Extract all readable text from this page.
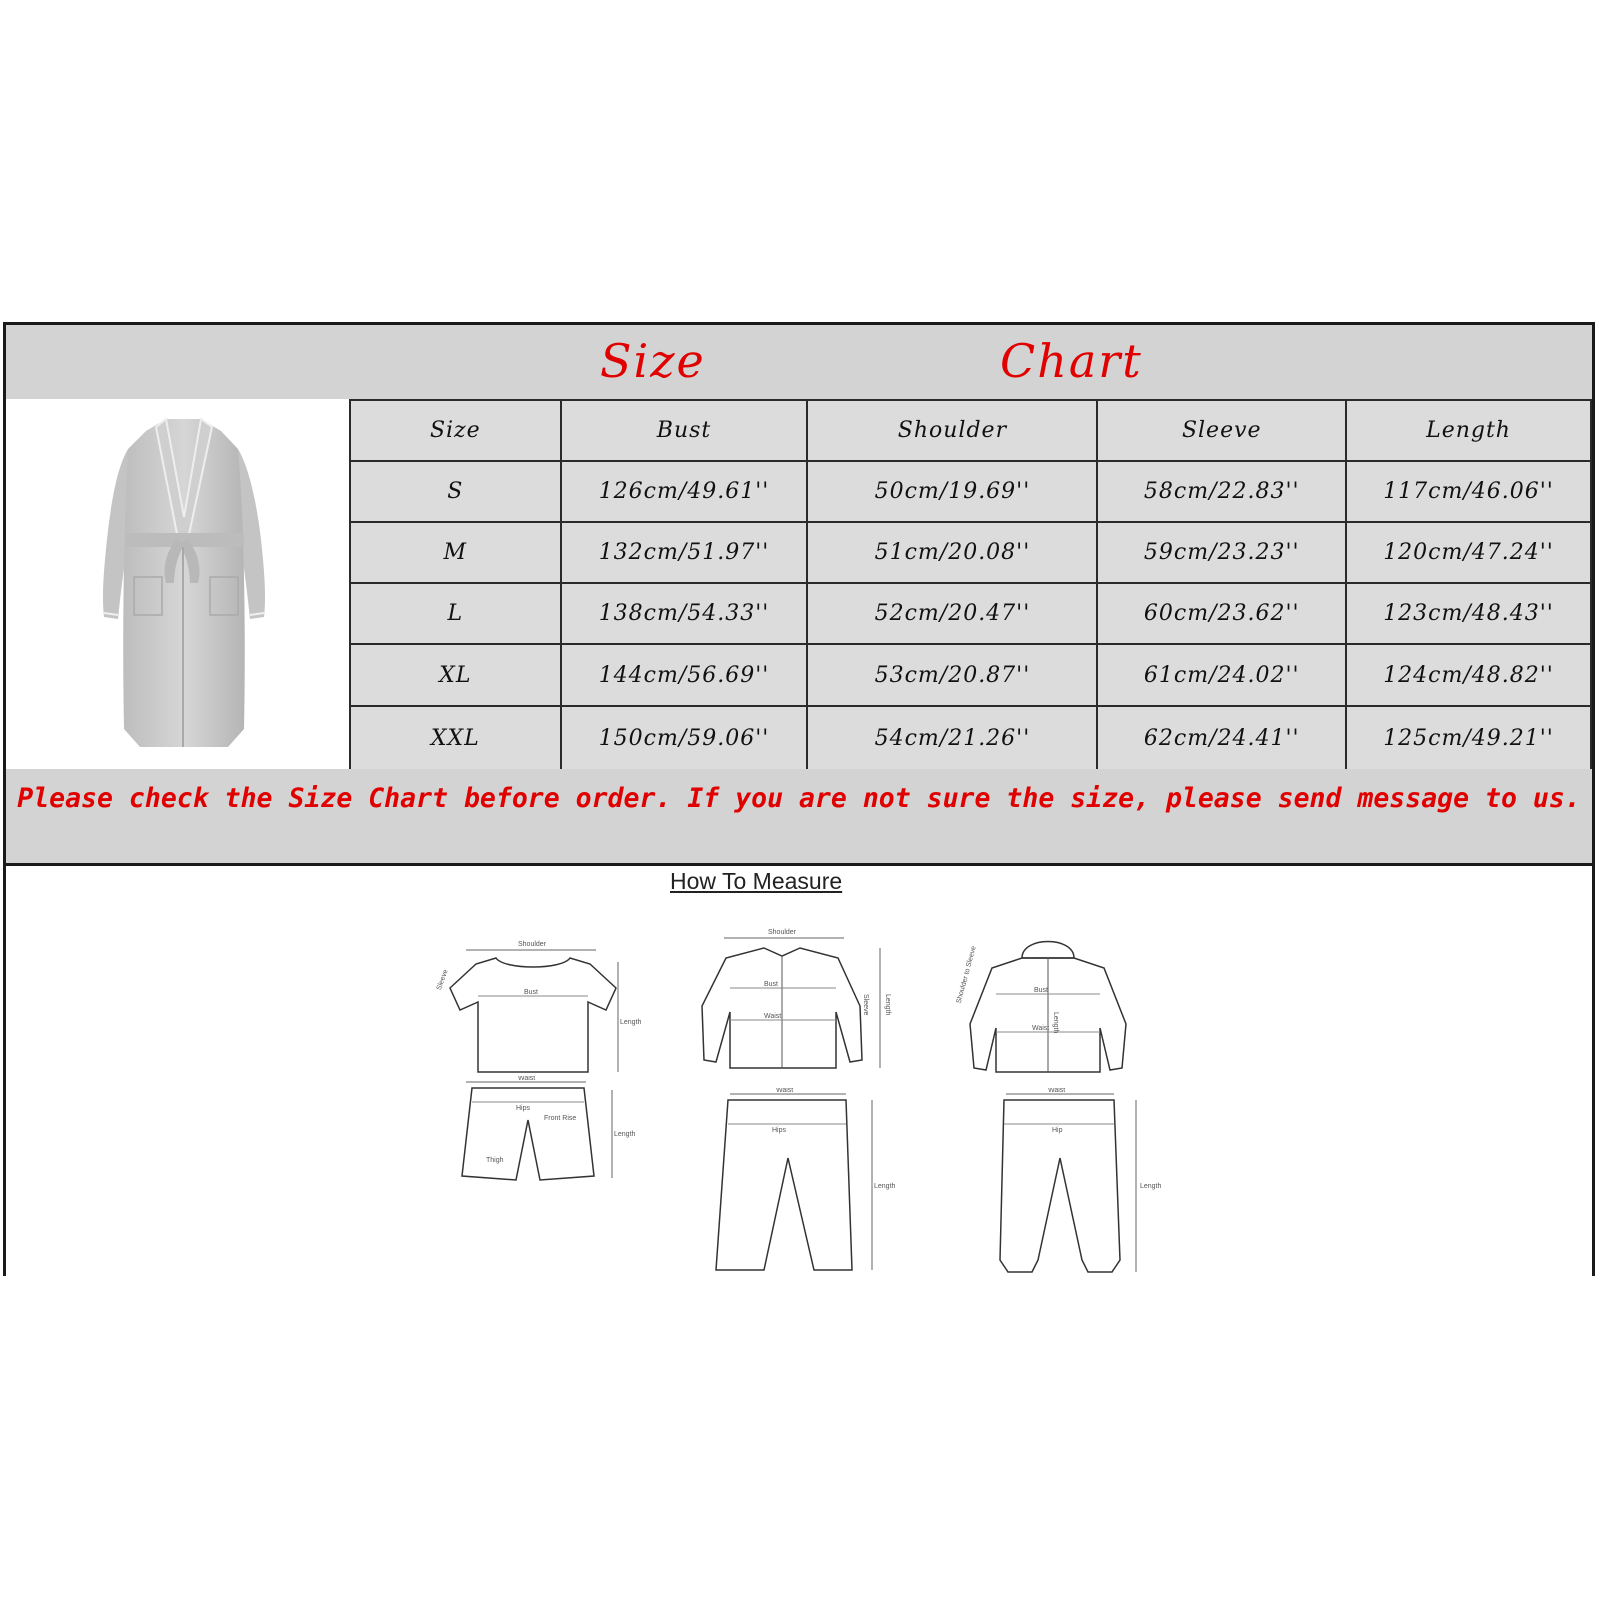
Size	Chart
Size	Bust	Shoulder	Sleeve	Length
S	126cm/49.61''	50cm/19.69''	58cm/22.83''	117cm/46.06''
M	132cm/51.97''	51cm/20.08''	59cm/23.23''	120cm/47.24''
L	138cm/54.33''	52cm/20.47''	60cm/23.62''	123cm/48.43''
XL	144cm/56.69''	53cm/20.87''	61cm/24.02''	124cm/48.82''
XXL	150cm/59.06''	54cm/21.26''	62cm/24.41''	125cm/49.21''
Please check the Size Chart before order. If you are not sure the size, please send message to us.
How To Measure
Shoulder
Bust
Sleeve
Length
Waist
Hips
Front Rise
Thigh
Length
Shoulder
Bust
Waist
Sleeve Length
Waist
Hips
Length
Bust
Length
Waist
Shoulder to Sleeve
Waist
Hip
Length
